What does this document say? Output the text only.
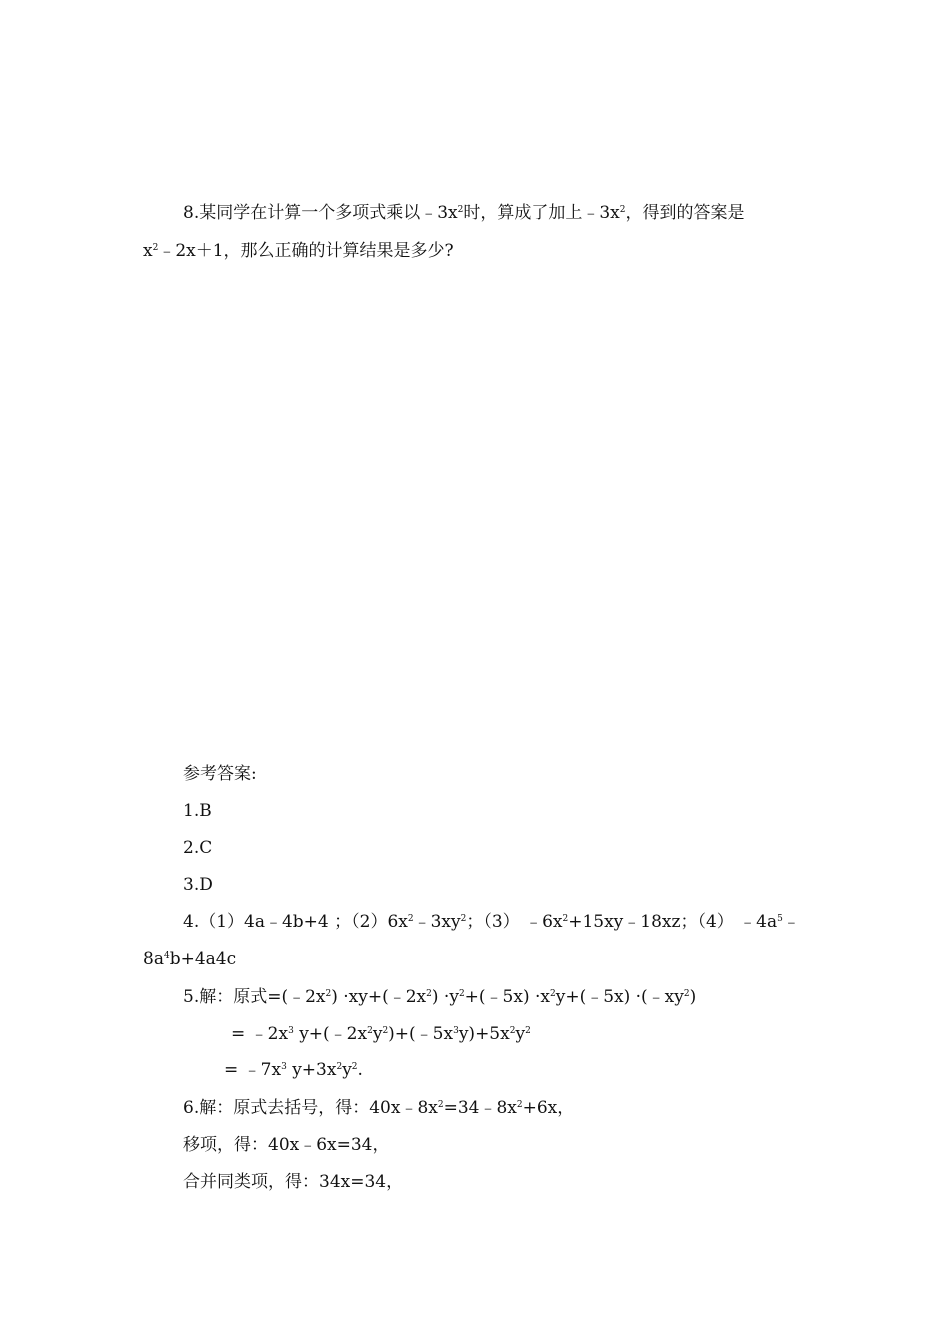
8.某同学在计算一个多项式乘以$﹣3x^2$时，算成了加上$﹣3x^2$，得到的答案是
$x^2﹣2x+1$，那么正确的计算结果是多少?
参考答案:
1.B
2.C
3.D
4.（1）4a﹣4b+4 ；$(2)6x^2﹣3xy^2$；（3） $﹣6x^2+15xy﹣18xz$；（4） $﹣4a^5﹣$
$8a^4b+4a4c$
5.解：原式$=(﹣2x^2)$ $\cdot xy+(﹣2x^2)$ $\cdot y^2+(﹣5x)$ $\cdot x^2y+(﹣5x)$ $\cdot(﹣xy^2)$
= $﹣2x^3$ $y+(﹣2x^2y^2)+(﹣5x^3y)+5x^2y^2$
= $﹣7x^3$ $y+3x^2y^2$.
6.解：原式去括号，得：$40x﹣8x^2=34﹣8x^2+6x$，
移项，得：40x﹣6x=34，
合并同类项，得：34x=34，
